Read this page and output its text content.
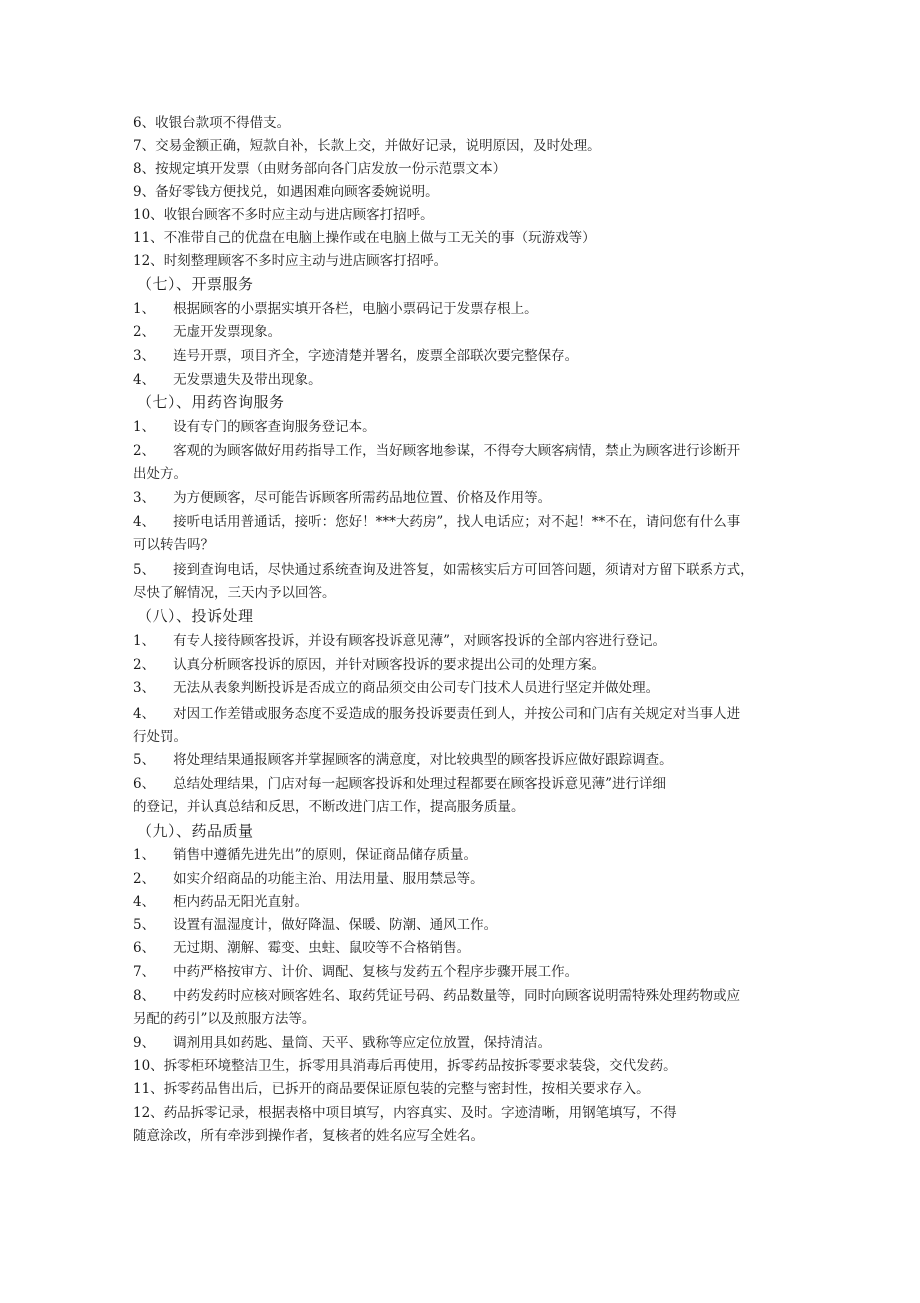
6、收银台款项不得借支。
7、交易金额正确，短款自补，长款上交，并做好记录，说明原因，及时处理。
8、按规定填开发票（由财务部向各门店发放一份示范票文本）
9、备好零钱方便找兑，如遇困难向顾客委婉说明。
10、收银台顾客不多时应主动与进店顾客打招呼。
11、不准带自己的优盘在电脑上操作或在电脑上做与工无关的事（玩游戏等）
12、时刻整理顾客不多时应主动与进店顾客打招呼。
（七）、开票服务
1、 根据顾客的小票据实填开各栏，电脑小票码记于发票存根上。
2、 无虚开发票现象。
3、 连号开票，项目齐全，字迹清楚并署名，废票全部联次要完整保存。
4、 无发票遗失及带出现象。
（七）、用药咨询服务
1、 设有专门的顾客查询服务登记本。
2、 客观的为顾客做好用药指导工作，当好顾客地参谋，不得夸大顾客病情，禁止为顾客进行诊断开
出处方。
3、 为方便顾客，尽可能告诉顾客所需药品地位置、价格及作用等。
4、 接听电话用普通话，接听：您好！***大药房”，找人电话应；对不起！**不在，请问您有什么事
可以转告吗？
5、 接到查询电话，尽快通过系统查询及进答复，如需核实后方可回答问题，须请对方留下联系方式，
尽快了解情况，三天内予以回答。
（八）、投诉处理
1、 有专人接待顾客投诉，并设有顾客投诉意见薄”，对顾客投诉的全部内容进行登记。
2、 认真分析顾客投诉的原因，并针对顾客投诉的要求提出公司的处理方案。
3、 无法从表象判断投诉是否成立的商品须交由公司专门技术人员进行坚定并做处理。
4、 对因工作差错或服务态度不妥造成的服务投诉要责任到人，并按公司和门店有关规定对当事人进
行处罚。
5、 将处理结果通报顾客并掌握顾客的满意度，对比较典型的顾客投诉应做好跟踪调查。
6、 总结处理结果，门店对每一起顾客投诉和处理过程都要在顾客投诉意见薄”进行详细
的登记，并认真总结和反思，不断改进门店工作，提高服务质量。
（九）、药品质量
1、 销售中遵循先进先出”的原则，保证商品储存质量。
2、 如实介绍商品的功能主治、用法用量、服用禁忌等。
4、 柜内药品无阳光直射。
5、 设置有温湿度计，做好降温、保暖、防潮、通风工作。
6、 无过期、潮解、霉变、虫蛀、鼠咬等不合格销售。
7、 中药严格按审方、计价、调配、复核与发药五个程序步骤开展工作。
8、 中药发药时应核对顾客姓名、取药凭证号码、药品数量等，同时向顾客说明需特殊处理药物或应
另配的药引”以及煎服方法等。
9、 调剂用具如药匙、量筒、天平、戥称等应定位放置，保持清洁。
10、拆零柜环境整洁卫生，拆零用具消毒后再使用，拆零药品按拆零要求装袋，交代发药。
11、拆零药品售出后，已拆开的商品要保证原包装的完整与密封性，按相关要求存入。
12、药品拆零记录，根据表格中项目填写，内容真实、及时。字迹清晰，用钢笔填写，不得
随意涂改，所有牵涉到操作者，复核者的姓名应写全姓名。
